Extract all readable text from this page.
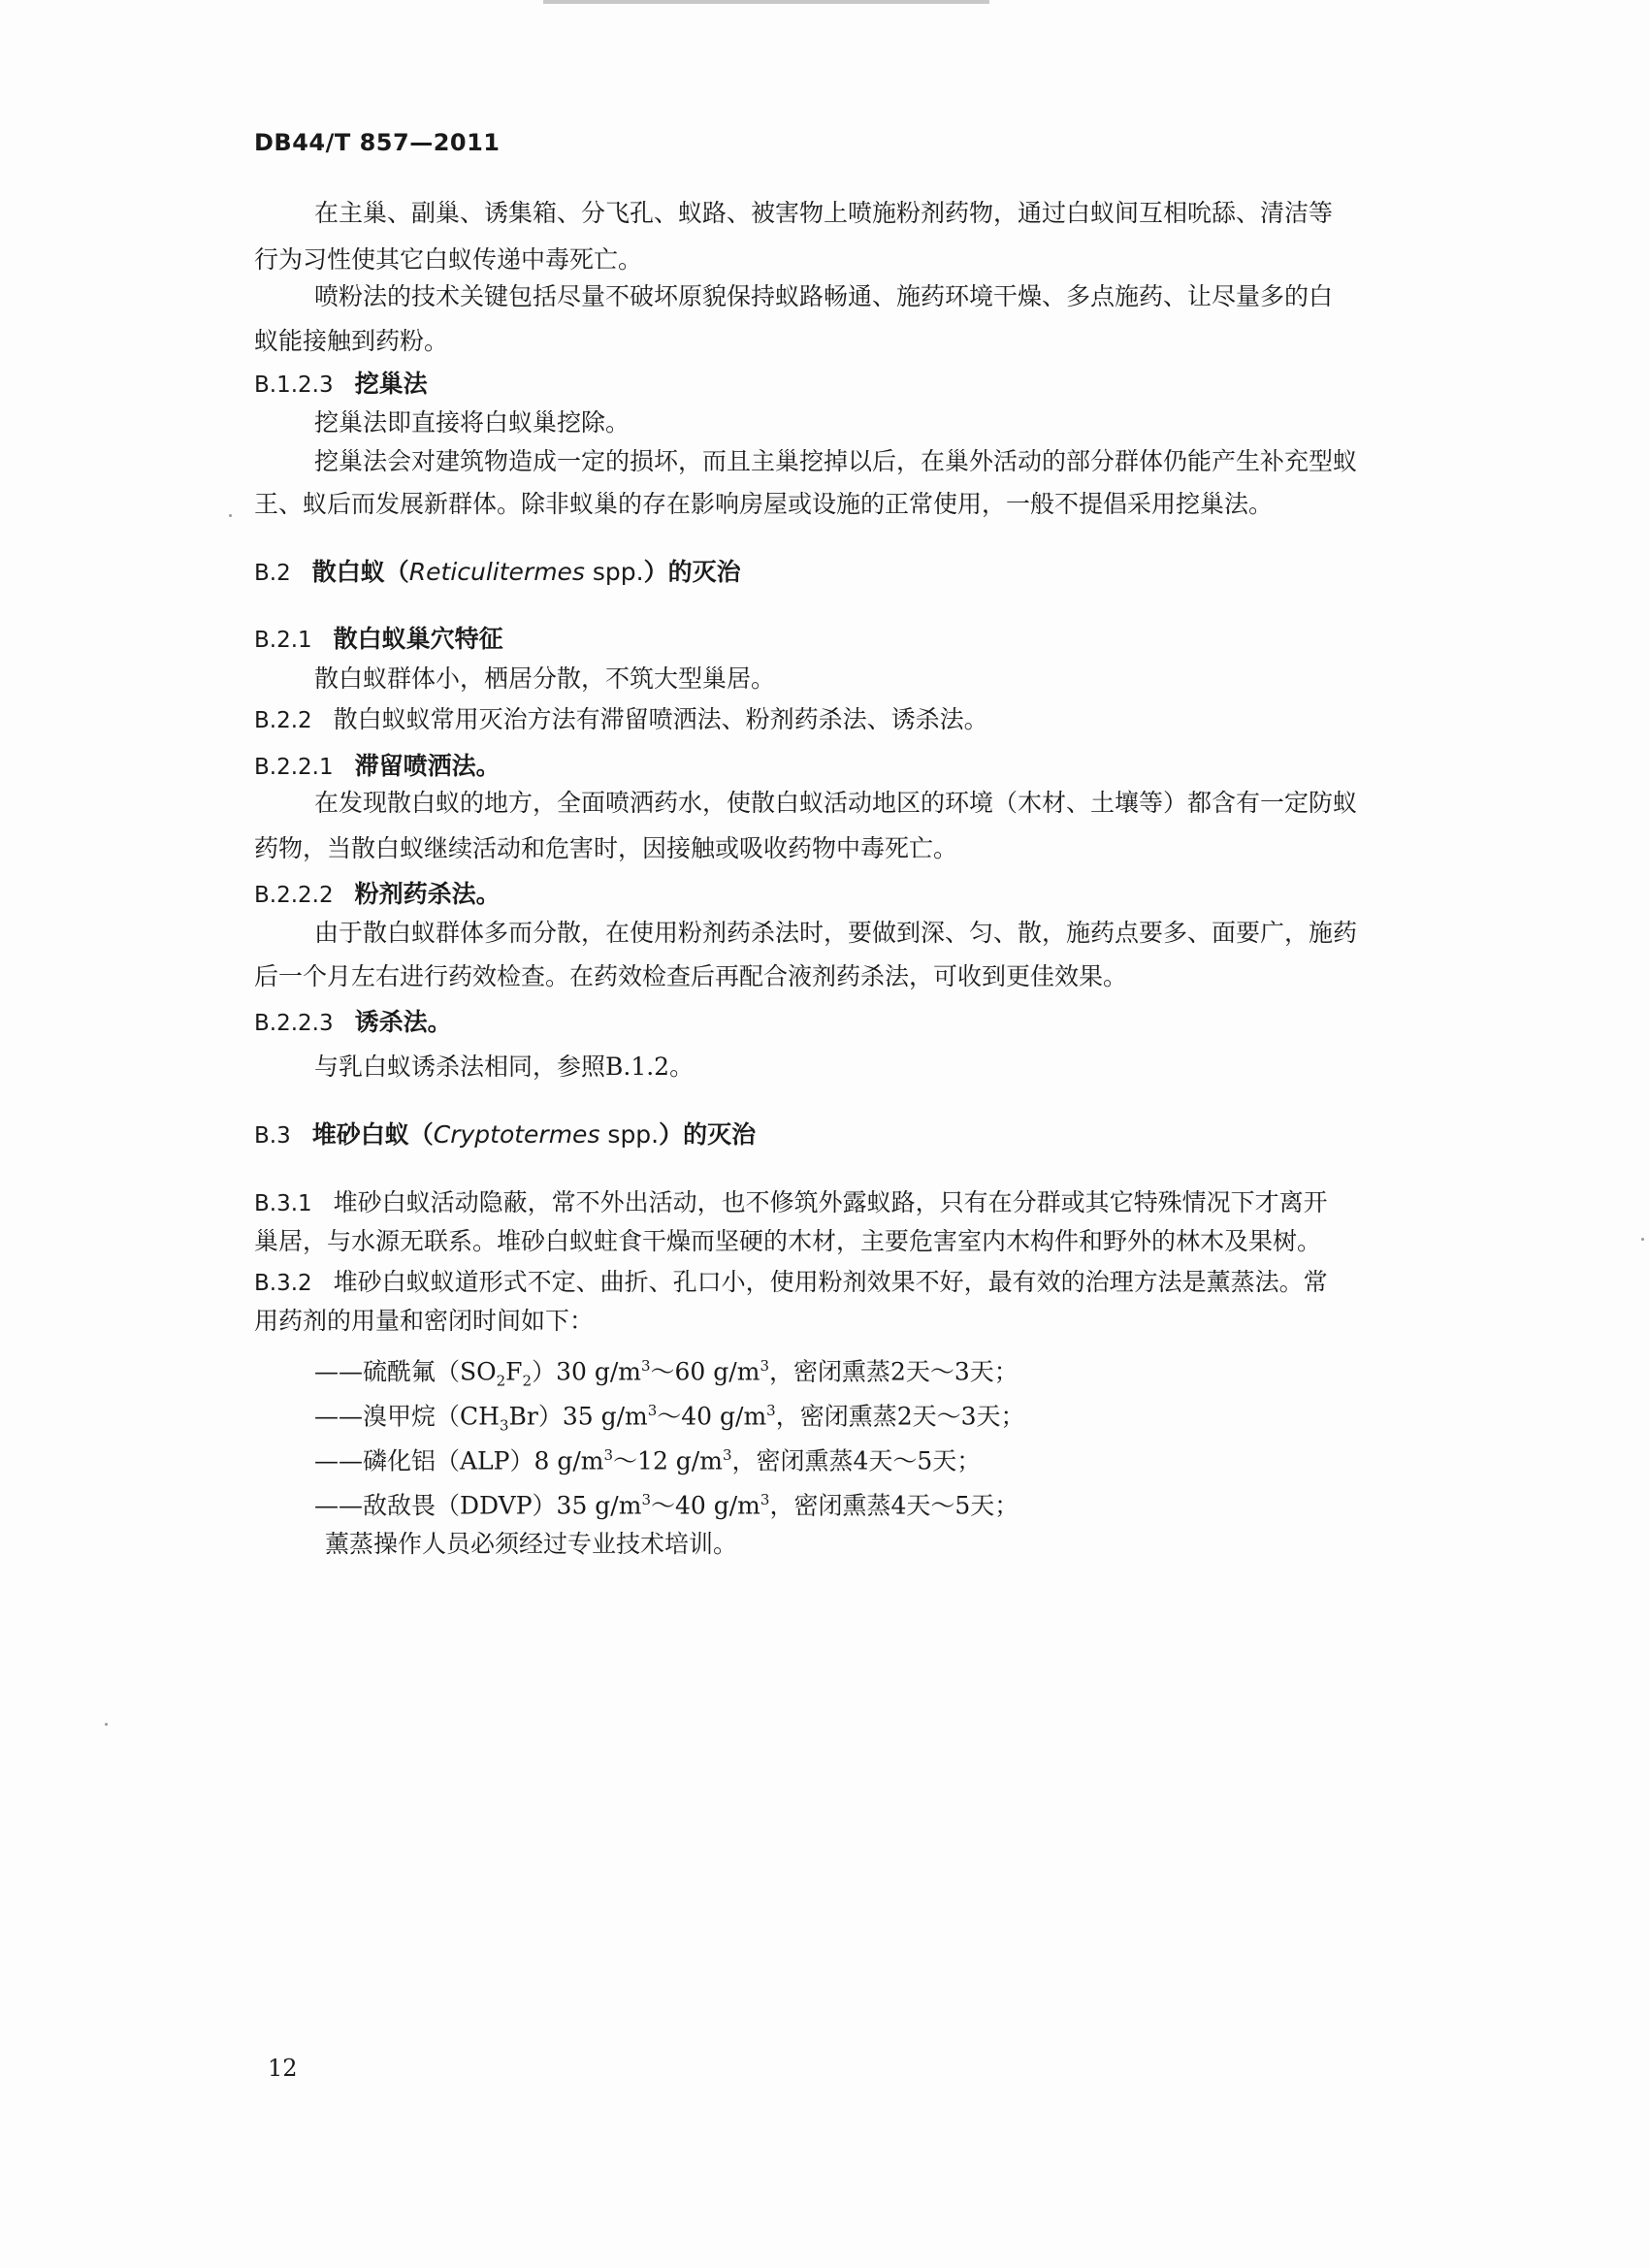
DB44/T 857—2011
在主巢、副巢、诱集箱、分飞孔、蚁路、被害物上喷施粉剂药物，通过白蚁间互相吮舔、清洁等
行为习性使其它白蚁传递中毒死亡。
喷粉法的技术关键包括尽量不破坏原貌保持蚁路畅通、施药环境干燥、多点施药、让尽量多的白
蚁能接触到药粉。
B.1.2.3 挖巢法
挖巢法即直接将白蚁巢挖除。
挖巢法会对建筑物造成一定的损坏，而且主巢挖掉以后，在巢外活动的部分群体仍能产生补充型蚁
王、蚁后而发展新群体。除非蚁巢的存在影响房屋或设施的正常使用，一般不提倡采用挖巢法。
B.2 散白蚁（Reticulitermes spp.）的灭治
B.2.1 散白蚁巢穴特征
散白蚁群体小，栖居分散，不筑大型巢居。
B.2.2 散白蚁蚁常用灭治方法有滞留喷洒法、粉剂药杀法、诱杀法。
B.2.2.1 滞留喷洒法。
在发现散白蚁的地方，全面喷洒药水，使散白蚁活动地区的环境（木材、土壤等）都含有一定防蚁
药物，当散白蚁继续活动和危害时，因接触或吸收药物中毒死亡。
B.2.2.2 粉剂药杀法。
由于散白蚁群体多而分散，在使用粉剂药杀法时，要做到深、匀、散，施药点要多、面要广，施药
后一个月左右进行药效检查。在药效检查后再配合液剂药杀法，可收到更佳效果。
B.2.2.3 诱杀法。
与乳白蚁诱杀法相同，参照B.1.2。
B.3 堆砂白蚁（Cryptotermes spp.）的灭治
B.3.1 堆砂白蚁活动隐蔽，常不外出活动，也不修筑外露蚁路，只有在分群或其它特殊情况下才离开
巢居，与水源无联系。堆砂白蚁蛀食干燥而坚硬的木材，主要危害室内木构件和野外的林木及果树。
B.3.2 堆砂白蚁蚁道形式不定、曲折、孔口小，使用粉剂效果不好，最有效的治理方法是薰蒸法。常
用药剂的用量和密闭时间如下：
——硫酰氟$(SO_2F_2)30$ $g/m^3\sim 60$ $g/m^3$，密闭熏蒸2天～3天；
——溴甲烷$(CH_3Br)35$ $g/m^3\sim 40$ $g/m^3$，密闭熏蒸2天～3天；
——磷化铝（ALP）8 $g/m^3\sim 12$ $g/m^3$，密闭熏蒸4天～5天；
——敌敌畏（DDVP）35 $g/m^3\sim 40$ $g/m^3$，密闭熏蒸4天～5天；
薰蒸操作人员必须经过专业技术培训。
12
